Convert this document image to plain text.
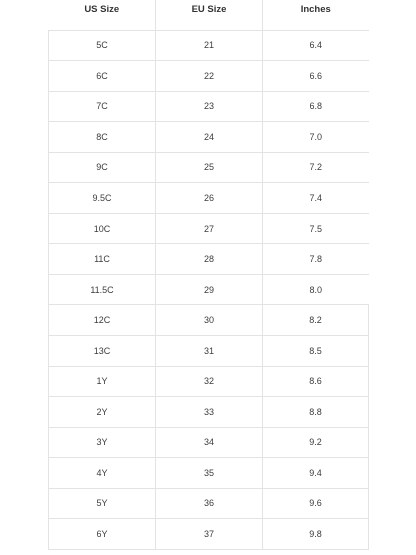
US Size	EU Size	Inches
5C	21	6.4
6C	22	6.6
7C	23	6.8
8C	24	7.0
9C	25	7.2
9.5C	26	7.4
10C	27	7.5
11C	28	7.8
11.5C	29	8.0
12C	30	8.2
13C	31	8.5
1Y	32	8.6
2Y	33	8.8
3Y	34	9.2
4Y	35	9.4
5Y	36	9.6
6Y	37	9.8
